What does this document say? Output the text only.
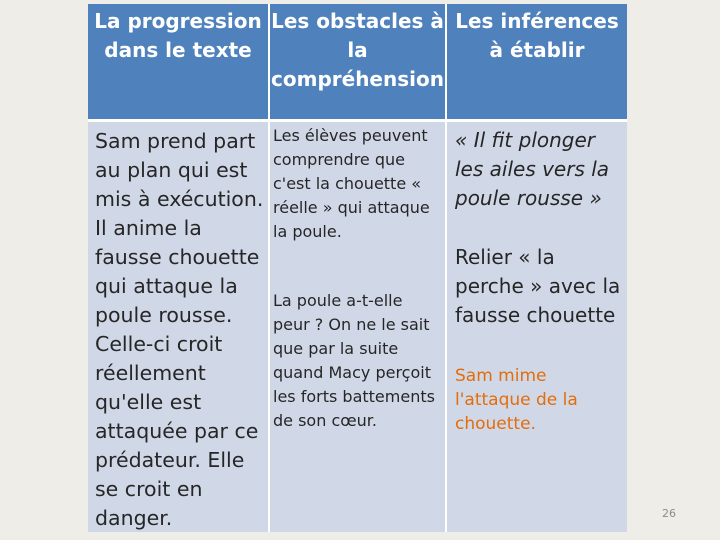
La progression dans le texte
Les obstacles à la compréhension
Les inférences à établir

Sam prend part au plan qui est mis à exécution. Il anime la fausse chouette qui attaque la poule rousse. Celle-ci croit réellement qu'elle est attaquée par ce prédateur. Elle se croit en danger.

Les élèves peuvent comprendre que c'est la chouette « réelle » qui attaque la poule.

La poule a-t-elle peur ? On ne le sait que par la suite quand Macy perçoit les forts battements de son cœur.

« Il fit plonger les ailes vers la poule rousse »

Relier « la perche » avec la fausse chouette

Sam mime l'attaque de la chouette.

26
